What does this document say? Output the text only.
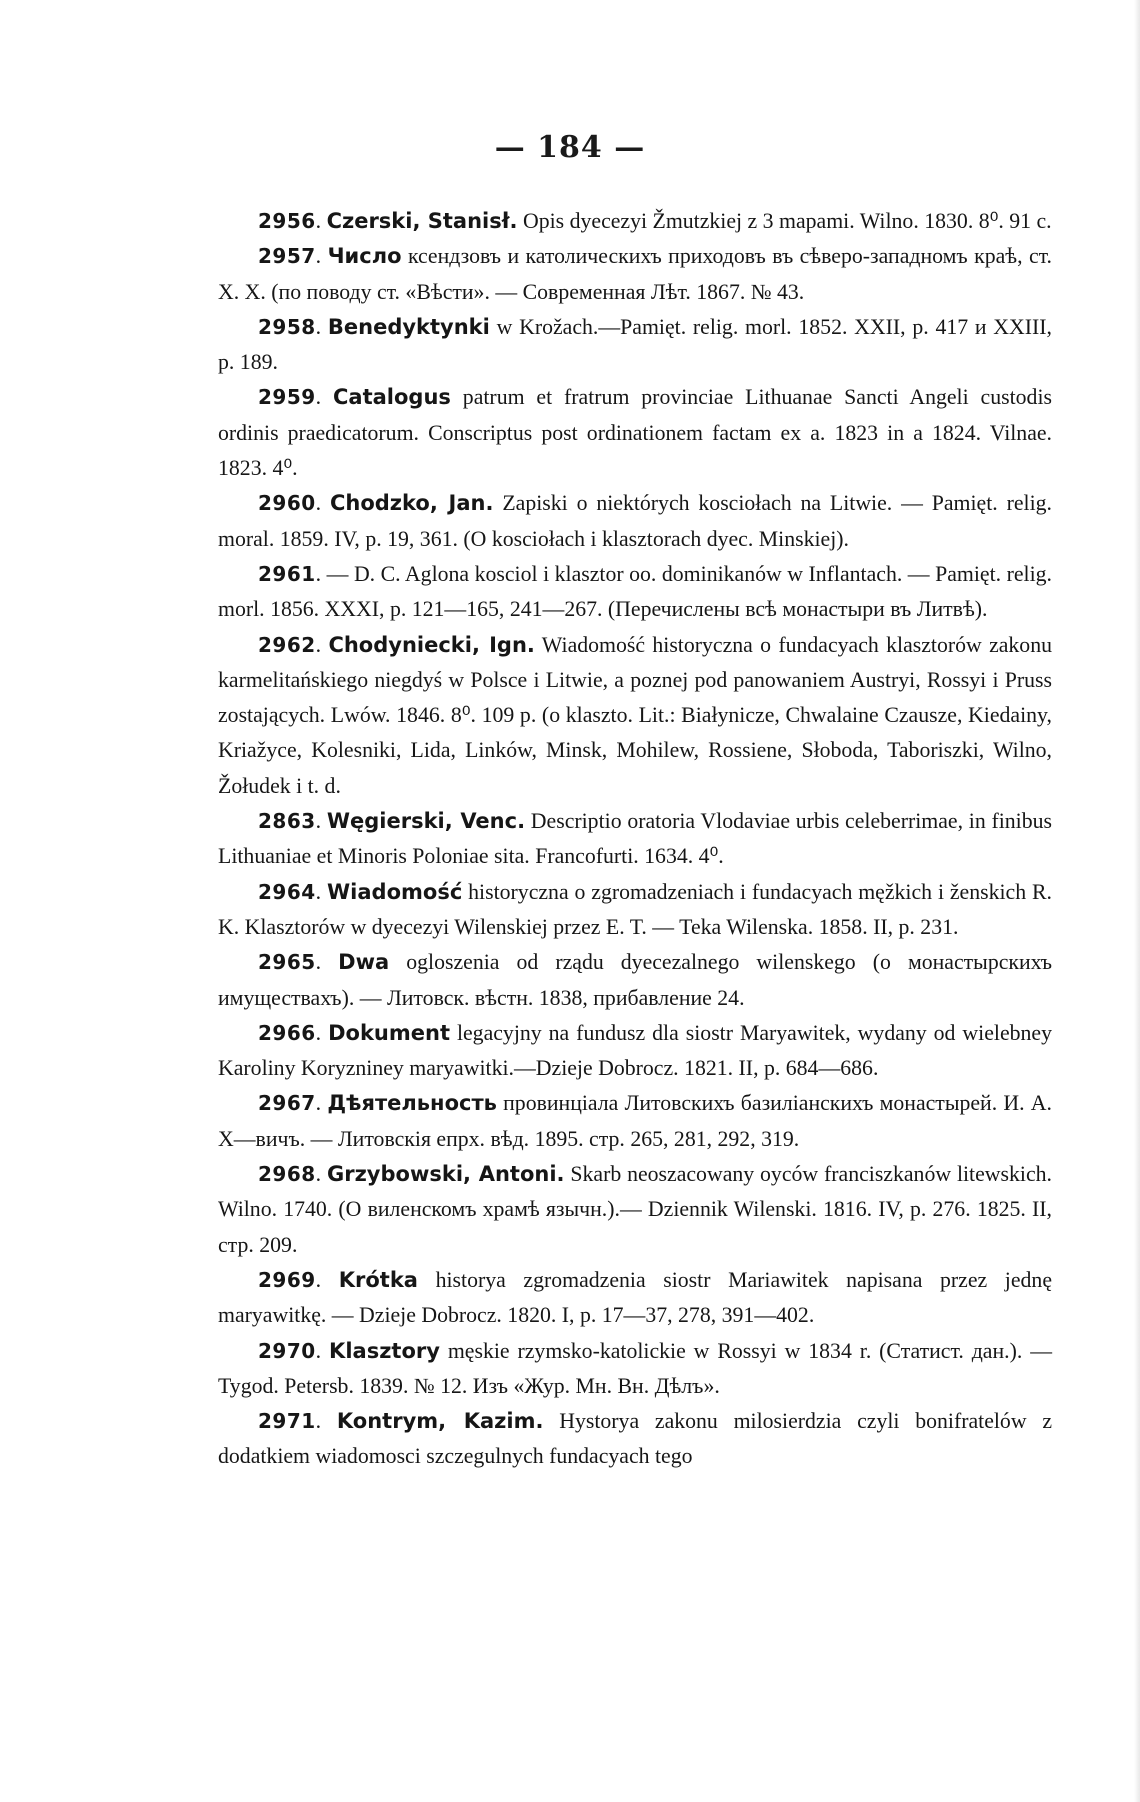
— 184 —

2956. Czerski, Stanisł. Opis dyecezyi Žmutzkiej z 3 mapami. Wilno. 1830. 8⁰. 91 c.

2957. Число ксендзовъ и католическихъ приходовъ въ сѣверо-западномъ краѣ, ст. Х. Х. (по поводу ст. «Вѣсти». — Современная Лѣт. 1867. № 43.

2958. Benedyktynki w Krožach.—Pamięt. relig. morl. 1852. XXII, p. 417 и XXIII, p. 189.

2959. Catalogus patrum et fratrum provinciae Lithuanae Sancti Angeli custodis ordinis praedicatorum. Conscriptus post ordinationem factam ex a. 1823 in a 1824. Vilnae. 1823. 4⁰.

2960. Chodzko, Jan. Zapiski o niektórych kosciołach na Litwie. — Pamięt. relig. moral. 1859. IV, p. 19, 361. (O kosciołach i klasztorach dyec. Minskiej).

2961. — D. C. Aglona kosciol i klasztor oo. dominikanów w Inflantach. — Pamięt. relig. morl. 1856. XXXI, p. 121—165, 241—267. (Перечислены всѣ монастыри въ Литвѣ).

2962. Chodyniecki, Ign. Wiadomość historyczna o fundacyach klasztorów zakonu karmelitańskiego niegdyś w Polsce i Litwie, a poznej pod panowaniem Austryi, Rossyi i Pruss zostających. Lwów. 1846. 8⁰. 109 p. (o klaszto. Lit.: Białynicze, Chwalaine Czausze, Kiedainy, Kriažyce, Kolesniki, Lida, Linków, Minsk, Mohilew, Rossiene, Słoboda, Taboriszki, Wilno, Žołudek i t. d.

2863. Węgierski, Venc. Descriptio oratoria Vlodaviae urbis celeberrimae, in finibus Lithuaniae et Minoris Poloniae sita. Francofurti. 1634. 4⁰.

2964. Wiadomość historyczna o zgromadzeniach i fundacyach męžkich i ženskich R. K. Klasztorów w dyecezyi Wilenskiej przez E. T. — Teka Wilenska. 1858. II, p. 231.

2965. Dwa ogloszenia od rządu dyecezalnego wilenskego (o монастырскихъ имуществахъ). — Литовск. вѣстн. 1838, прибавление 24.

2966. Dokument legacyjny na fundusz dla siostr Maryawitek, wydany od wielebney Karoliny Koryzniney maryawitki.—Dzieje Dobrocz. 1821. II, p. 684—686.

2967. Дѣятельность провинціала Литовскихъ базиліанскихъ монастырей. И. А. Х—вичъ. — Литовскія епрх. вѣд. 1895. стр. 265, 281, 292, 319.

2968. Grzybowski, Antoni. Skarb neoszacowany oyców franciszkanów litewskich. Wilno. 1740. (О виленскомъ храмѣ язычн.).— Dziennik Wilenski. 1816. IV, p. 276. 1825. II, стр. 209.

2969. Krótka historya zgromadzenia siostr Mariawitek napisana przez jednę maryawitkę. — Dzieje Dobrocz. 1820. I, p. 17—37, 278, 391—402.

2970. Klasztory męskie rzymsko-katolickie w Rossyi w 1834 r. (Статист. дан.). — Tygod. Petersb. 1839. № 12. Изъ «Жур. Мн. Вн. Дѣлъ».

2971. Kontrym, Kazim. Hystorya zakonu milosierdzia czyli bonifratelów z dodatkiem wiadomosci szczegulnych fundacyach tego
